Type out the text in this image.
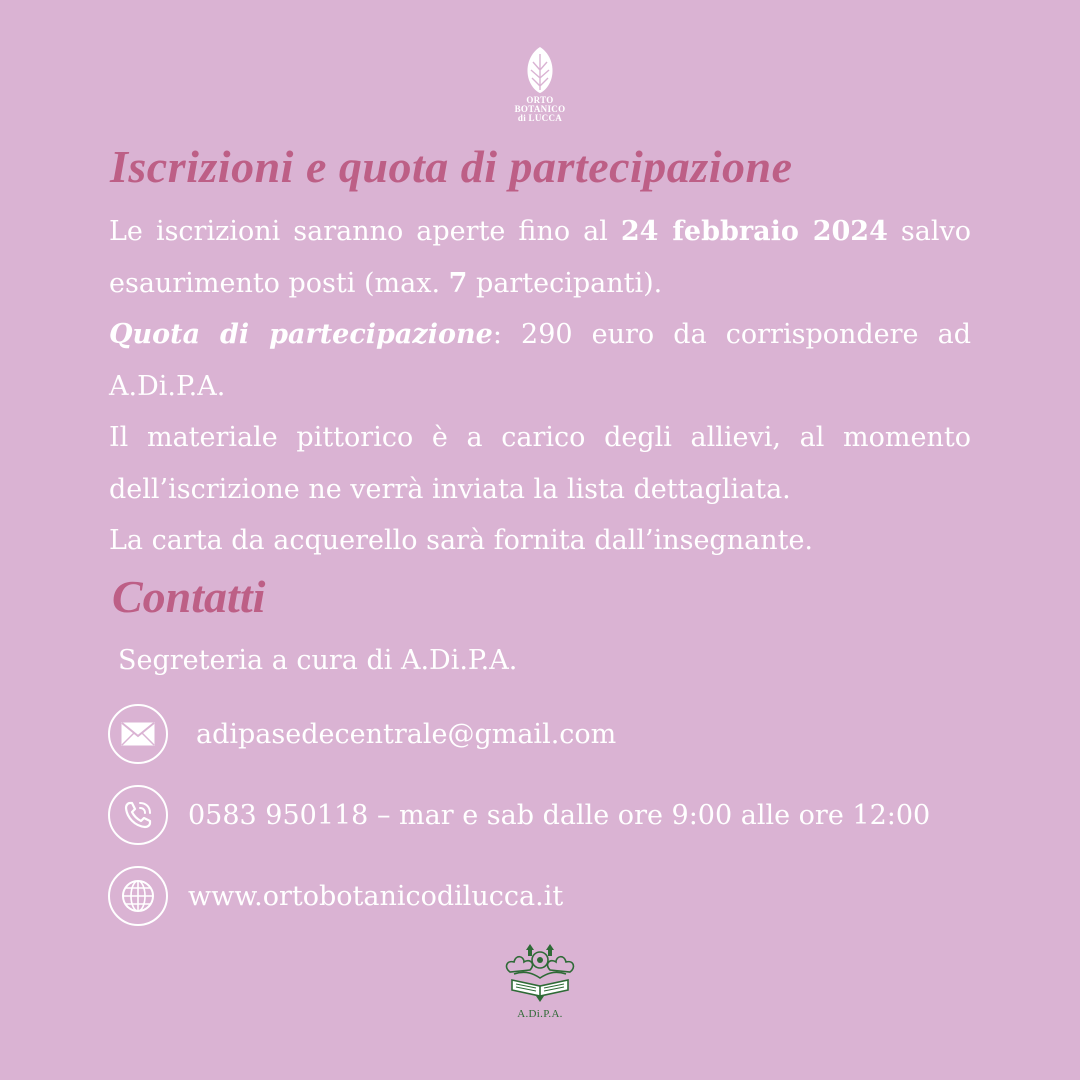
ORTO
BOTANICO
di LUCCA
Iscrizioni e quota di partecipazione

Le iscrizioni saranno aperte fino al 24 febbraio 2024 salvo esaurimento posti (max. 7 partecipanti).

Quota di partecipazione: 290 euro da corrispondere ad A.Di.P.A.

Il materiale pittorico è a carico degli allievi, al momento dell’iscrizione ne verrà inviata la lista dettagliata.

La carta da acquerello sarà fornita dall’insegnante.

Contatti
Segreteria a cura di A.Di.P.A.
adipasedecentrale@gmail.com
0583 950118 – mar e sab dalle ore 9:00 alle ore 12:00
www.ortobotanicodilucca.it
A.Di.P.A.
